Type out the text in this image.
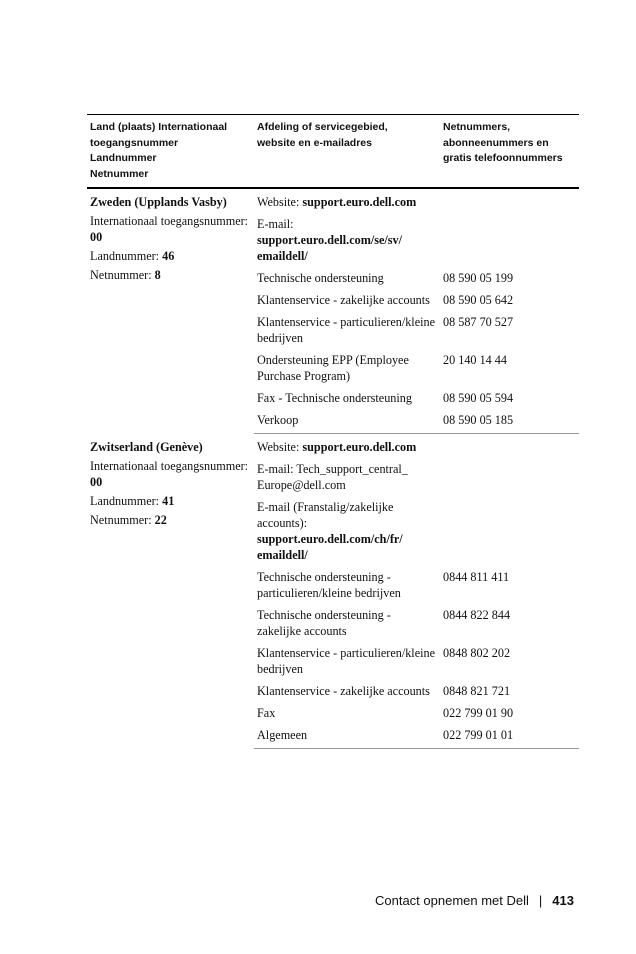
Land (plaats) Internationaal
toegangsnummer
Landnummer
Netnummer	Afdeling of servicegebied,
website en e-mailadres	Netnummers,
abonneenummers en
gratis telefoonnummers

Zweden (Upplands Vasby)
Internationaal toegangsnummer: 00
Landnummer: 46
Netnummer: 8	Website: support.euro.dell.com	
	E-mail:
support.euro.dell.com/se/sv/
emaildell/	
	Technische ondersteuning	08 590 05 199
	Klantenservice - zakelijke accounts	08 590 05 642
	Klantenservice - particulieren/kleine bedrijven	08 587 70 527
	Ondersteuning EPP (Employee Purchase Program)	20 140 14 44
	Fax - Technische ondersteuning	08 590 05 594
	Verkoop	08 590 05 185

Zwitserland (Genève)
Internationaal toegangsnummer: 00
Landnummer: 41
Netnummer: 22	Website: support.euro.dell.com	
	E-mail: Tech_support_central_ Europe@dell.com	
	E-mail (Franstalig/zakelijke accounts):
support.euro.dell.com/ch/fr/
emaildell/	
	Technische ondersteuning - particulieren/kleine bedrijven	0844 811 411
	Technische ondersteuning - zakelijke accounts	0844 822 844
	Klantenservice - particulieren/kleine bedrijven	0848 802 202
	Klantenservice - zakelijke accounts	0848 821 721
	Fax	022 799 01 90
	Algemeen	022 799 01 01
Contact opnemen met Dell | 413
